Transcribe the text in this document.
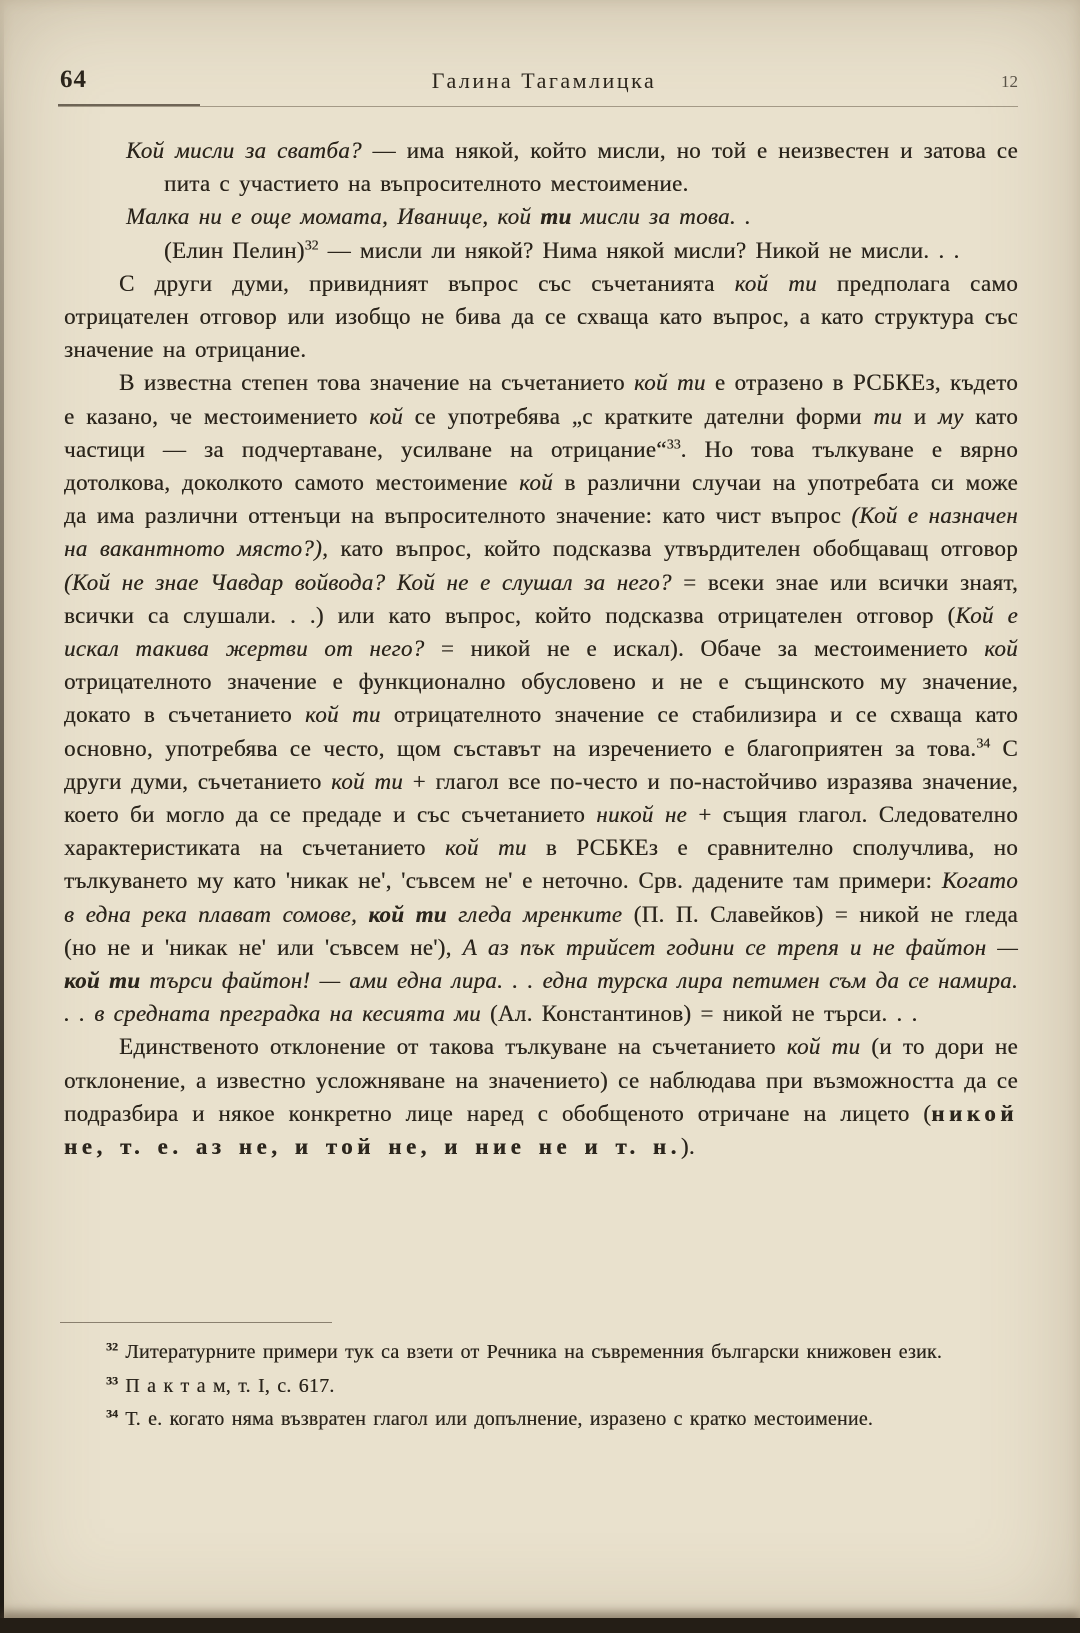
64	Галина Тагамлицка	12

Кой мисли за сватба? — има някой, който мисли, но той е неизвестен и затова се пита с участието на въпросителното местоимение.

Малка ни е още момата, Иванице, кой ти мисли за това. .
(Елин Пелин)$^{32}$ — мисли ли някой? Нима някой мисли? Никой не мисли. . .

С други думи, привидният въпрос със съчетанията кой ти предполага само отрицателен отговор или изобщо не бива да се схваща като въпрос, а като структура със значение на отрицание.

В известна степен това значение на съчетанието кой ти е отразено в РСБКЕз, където е казано, че местоимението кой се употребява „с кратките дателни форми ти и му като частици — за подчертаване, усилване на отрицание“$^{33}$. Но това тълкуване е вярно дотолкова, доколкото самото местоимение кой в различни случаи на употребата си може да има различни оттенъци на въпросителното значение: като чист въпрос (Кой е назначен на вакантното място?), като въпрос, който подсказва утвърдителен обобщаващ отговор (Кой не знае Чавдар войвода? Кой не е слушал за него? = всеки знае или всички знаят, всички са слушали. . .) или като въпрос, който подсказва отрицателен отговор (Кой е искал такива жертви от него? = никой не е искал). Обаче за местоимението кой отрицателното значение е функционално обусловено и не е същинското му значение, докато в съчетанието кой ти отрицателното значение се стабилизира и се схваща като основно, употребява се често, щом съставът на изречението е благоприятен за това.$^{34}$ С други думи, съчетанието кой ти + глагол все по-често и по-настойчиво изразява значение, което би могло да се предаде и със съчетанието никой не + същия глагол. Следователно характеристиката на съчетанието кой ти в РСБКЕз е сравнително сполучлива, но тълкуването му като 'никак не', 'съвсем не' е неточно. Срв. дадените там примери: Когато в една река плават сомове, кой ти гледа мренките (П. П. Славейков) = никой не гледа (но не и 'никак не' или 'съвсем не'), А аз пък трийсет години се трепя и не файтон — кой ти търси файтон! — ами една лира. . . една турска лира петимен съм да се намира. . . в средната преградка на кесията ми (Ал. Константинов) = никой не търси. . .

Единственото отклонение от такова тълкуване на съчетанието кой ти (и то дори не отклонение, а известно усложняване на значението) се наблюдава при възможността да се подразбира и някое конкретно лице наред с обобщеното отричане на лицето (никой не, т. е. аз не, и той не, и ние не и т. н.).

$^{32}$ Литературните примери тук са взети от Речника на съвременния български книжовен език.

$^{33}$ П а к т а м, т. I, с. 617.

$^{34}$ Т. е. когато няма възвратен глагол или допълнение, изразено с кратко местоимение.
